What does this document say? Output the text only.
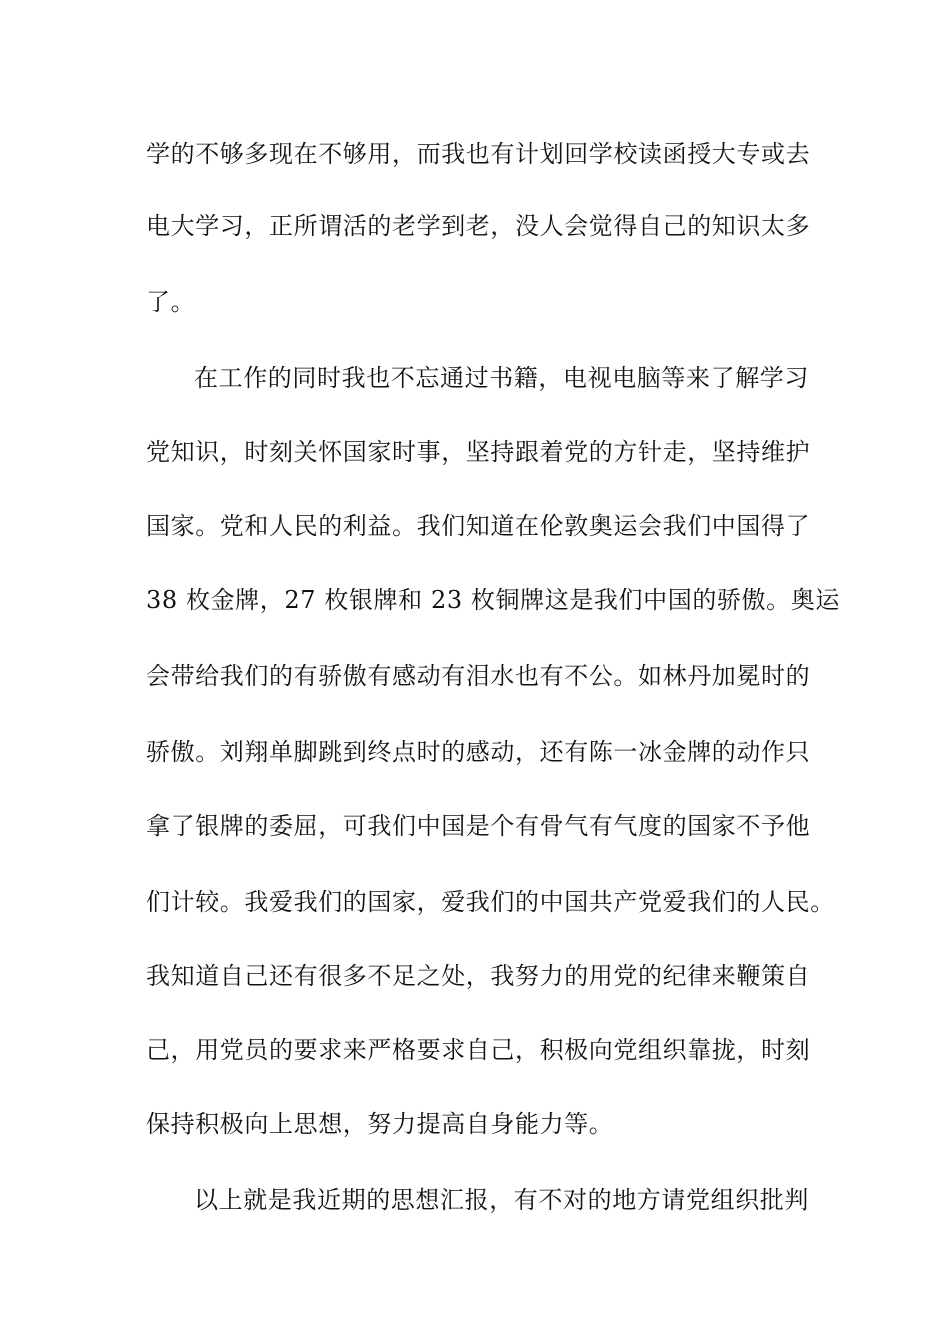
学的不够多现在不够用，而我也有计划回学校读函授大专或去
电大学习，正所谓活的老学到老，没人会觉得自己的知识太多
了。
在工作的同时我也不忘通过书籍，电视电脑等来了解学习
党知识，时刻关怀国家时事，坚持跟着党的方针走，坚持维护
国家。党和人民的利益。我们知道在伦敦奥运会我们中国得了
38 枚金牌，27 枚银牌和 23 枚铜牌这是我们中国的骄傲。奥运
会带给我们的有骄傲有感动有泪水也有不公。如林丹加冕时的
骄傲。刘翔单脚跳到终点时的感动，还有陈一冰金牌的动作只
拿了银牌的委屈，可我们中国是个有骨气有气度的国家不予他
们计较。我爱我们的国家，爱我们的中国共产党爱我们的人民。
我知道自己还有很多不足之处，我努力的用党的纪律来鞭策自
己，用党员的要求来严格要求自己，积极向党组织靠拢，时刻
保持积极向上思想，努力提高自身能力等。
以上就是我近期的思想汇报，有不对的地方请党组织批判
